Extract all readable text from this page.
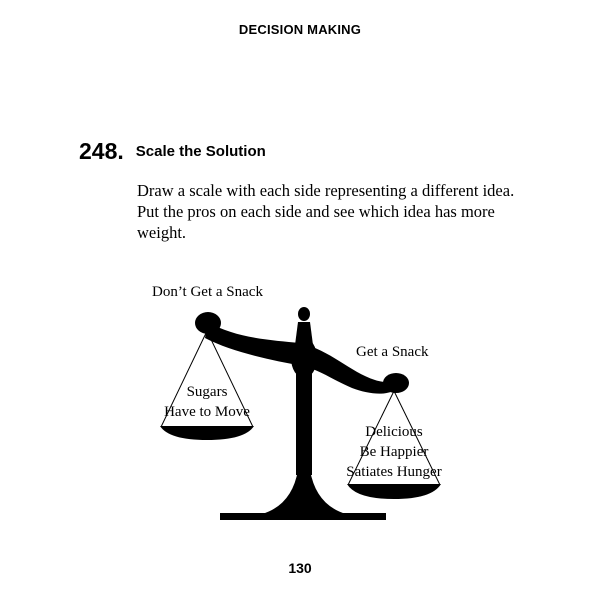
DECISION MAKING
248. Scale the Solution
Draw a scale with each side representing a different idea. Put the pros on each side and see which idea has more weight.
Don’t Get a Snack
Sugars
Have to Move
Get a Snack
Delicious
Be Happier
Satiates Hunger
130
